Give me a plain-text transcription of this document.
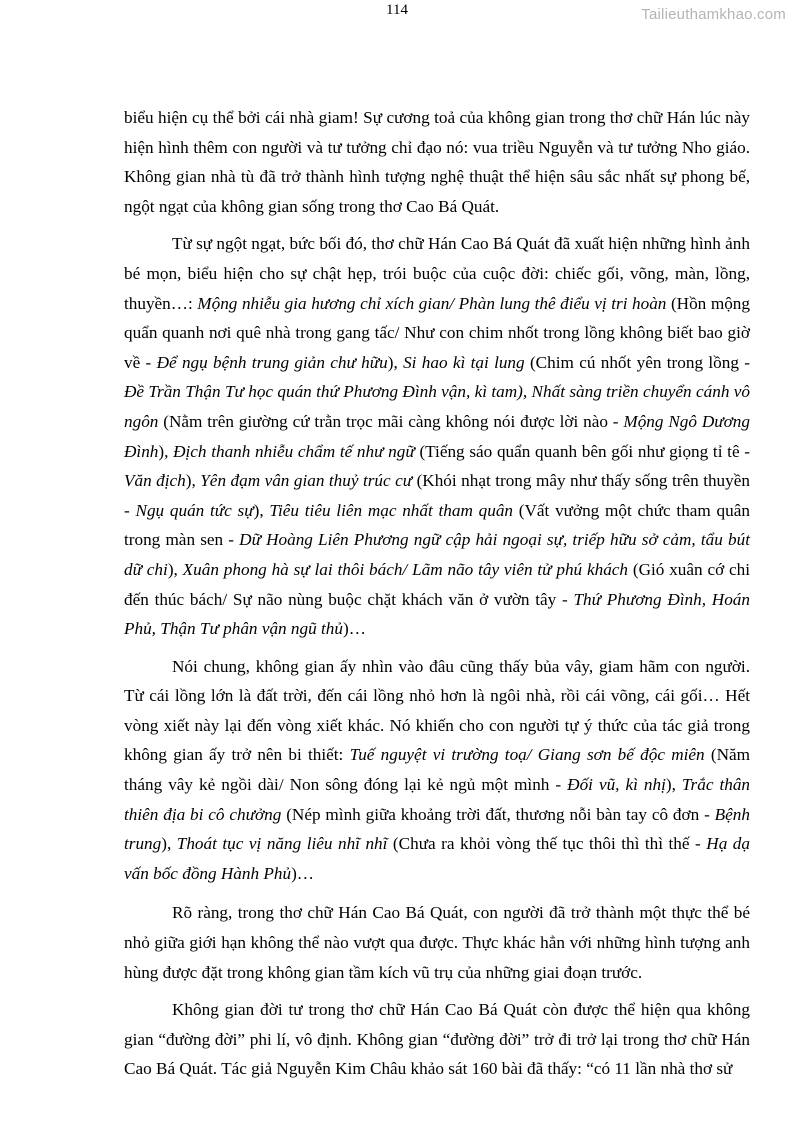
114	Tailieuthamkhao.com

biểu hiện cụ thể bởi cái nhà giam! Sự cương toả của không gian trong thơ chữ Hán lúc này hiện hình thêm con người và tư tưởng chỉ đạo nó: vua triều Nguyễn và tư tưởng Nho giáo. Không gian nhà tù đã trở thành hình tượng nghệ thuật thể hiện sâu sắc nhất sự phong bế, ngột ngạt của không gian sống trong thơ Cao Bá Quát.

Từ sự ngột ngạt, bức bối đó, thơ chữ Hán Cao Bá Quát đã xuất hiện những hình ảnh bé mọn, biểu hiện cho sự chật hẹp, trói buộc của cuộc đời: chiếc gối, võng, màn, lồng, thuyền…: Mộng nhiễu gia hương chỉ xích gian/ Phàn lung thê điểu vị tri hoàn (Hồn mộng quẩn quanh nơi quê nhà trong gang tấc/ Như con chim nhốt trong lồng không biết bao giờ về - Để ngụ bệnh trung giản chư hữu), Si hao kì tại lung (Chim cú nhốt yên trong lồng - Đề Trần Thận Tư học quán thứ Phương Đình vận, kì tam), Nhất sàng triền chuyển cánh vô ngôn (Nằm trên giường cứ trằn trọc mãi càng không nói được lời nào - Mộng Ngô Dương Đình), Địch thanh nhiễu chẩm tế như ngữ (Tiếng sáo quẩn quanh bên gối như giọng tỉ tê - Văn địch), Yên đạm vân gian thuỷ trúc cư (Khói nhạt trong mây như thấy sống trên thuyền - Ngụ quán tức sự), Tiêu tiêu liên mạc nhất tham quân (Vất vưởng một chức tham quân trong màn sen - Dữ Hoàng Liên Phương ngữ cập hải ngoại sự, triếp hữu sở cảm, tẩu bút dữ chi), Xuân phong hà sự lai thôi bách/ Lãm não tây viên tử phú khách (Gió xuân cớ chi đến thúc bách/ Sự não nùng buộc chặt khách văn ở vườn tây - Thứ Phương Đình, Hoán Phủ, Thận Tư phân vận ngũ thủ)…

Nói chung, không gian ấy nhìn vào đâu cũng thấy bủa vây, giam hãm con người. Từ cái lồng lớn là đất trời, đến cái lồng nhỏ hơn là ngôi nhà, rồi cái võng, cái gối… Hết vòng xiết này lại đến vòng xiết khác. Nó khiến cho con người tự ý thức của tác giả trong không gian ấy trở nên bi thiết: Tuế nguyệt vi trường toạ/ Giang sơn bế độc miên (Năm tháng vây kẻ ngồi dài/ Non sông đóng lại kẻ ngủ một mình - Đối vũ, kì nhị), Trắc thân thiên địa bi cô chưởng (Nép mình giữa khoảng trời đất, thương nỗi bàn tay cô đơn - Bệnh trung), Thoát tục vị năng liêu nhĩ nhĩ (Chưa ra khỏi vòng thế tục thôi thì thì thế - Hạ dạ vấn bốc đồng Hành Phủ)…

Rõ ràng, trong thơ chữ Hán Cao Bá Quát, con người đã trở thành một thực thể bé nhỏ giữa giới hạn không thể nào vượt qua được. Thực khác hẳn với những hình tượng anh hùng được đặt trong không gian tầm kích vũ trụ của những giai đoạn trước.

Không gian đời tư trong thơ chữ Hán Cao Bá Quát còn được thể hiện qua không gian “đường đời” phi lí, vô định. Không gian “đường đời” trở đi trở lại trong thơ chữ Hán Cao Bá Quát. Tác giả Nguyễn Kim Châu khảo sát 160 bài đã thấy: “có 11 lần nhà thơ sử
